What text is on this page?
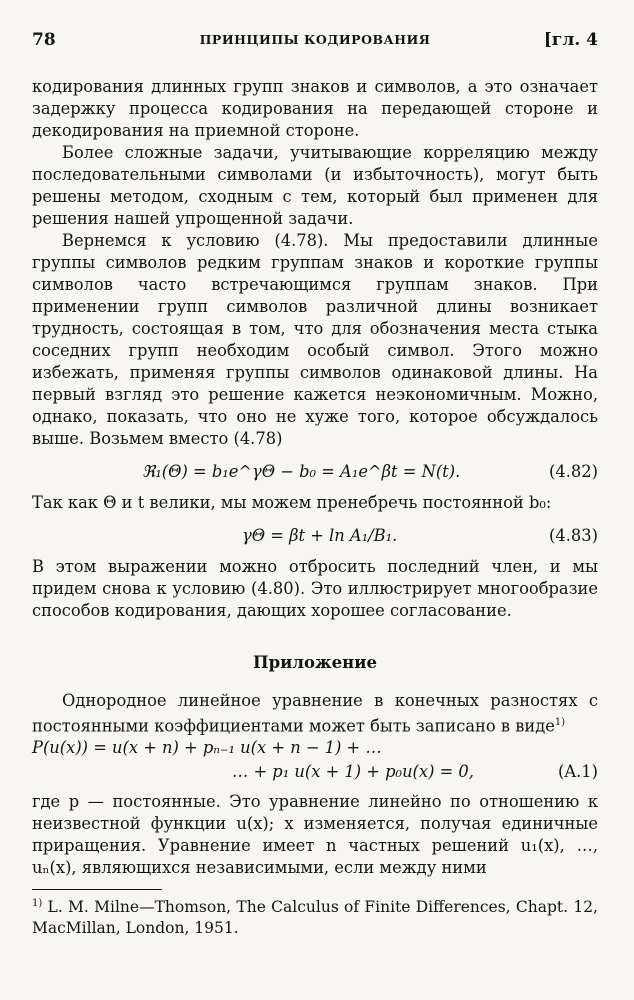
78	ПРИНЦИПЫ КОДИРОВАНИЯ	[гл. 4

кодирования длинных групп знаков и символов, а это означает задержку процесса кодирования на передающей стороне и декодирования на приемной стороне.

Более сложные задачи, учитывающие корреляцию между последовательными символами (и избыточность), могут быть решены методом, сходным с тем, который был применен для решения нашей упрощенной задачи.

Вернемся к условию (4.78). Мы предоставили длинные группы символов редким группам знаков и короткие группы символов часто встречающимся группам знаков. При применении групп символов различной длины возникает трудность, состоящая в том, что для обозначения места стыка соседних групп необходим особый символ. Этого можно избежать, применяя группы символов одинаковой длины. На первый взгляд это решение кажется неэкономичным. Можно, однако, показать, что оно не хуже того, которое обсуждалось выше. Возьмем вместо (4.78)

ℜ₁(Θ) = b₁e^γΘ − b₀ = A₁e^βt = N(t).	(4.82)

Так как Θ и t велики, мы можем пренебречь постоянной b₀:

γΘ = βt + ln A₁/B₁.	(4.83)

В этом выражении можно отбросить последний член, и мы придем снова к условию (4.80). Это иллюстрирует многообразие способов кодирования, дающих хорошее согласование.

Приложение

Однородное линейное уравнение в конечных разностях с постоянными коэффициентами может быть записано в виде$^{1)}$

P(u(x)) = u(x + n) + pₙ₋₁ u(x + n − 1) + …
… + p₁ u(x + 1) + p₀u(x) = 0,	(A.1)

где p — постоянные. Это уравнение линейно по отношению к неизвестной функции u(x); x изменяется, получая единичные приращения. Уравнение имеет n частных решений u₁(x), …, uₙ(x), являющихся независимыми, если между ними

$^{1)}$ L. M. Milne—Thomson, The Calculus of Finite Differences, Chapt. 12, MacMillan, London, 1951.
